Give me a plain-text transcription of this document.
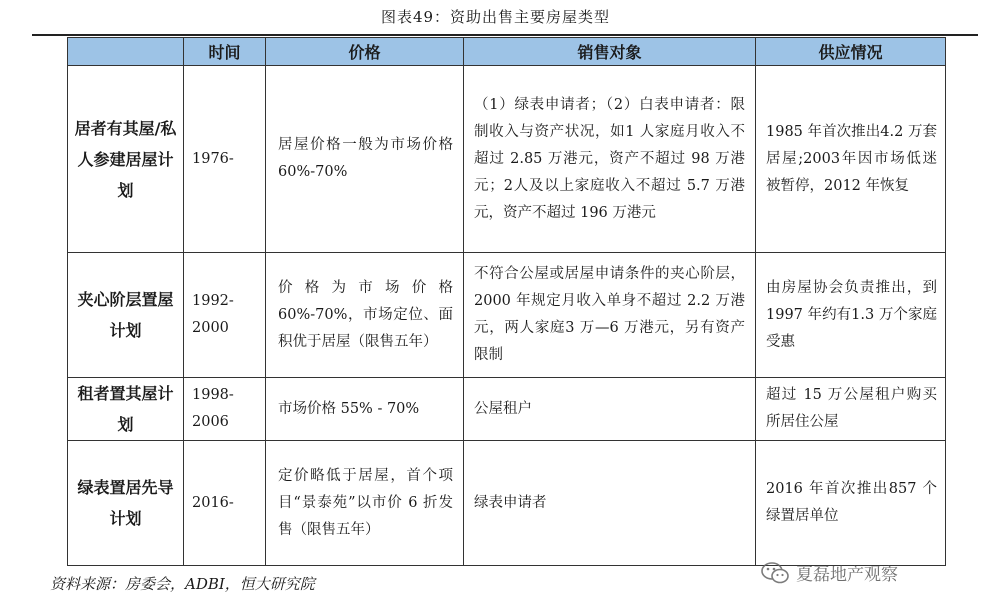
图表49：资助出售主要房屋类型
	时间	价格	销售对象	供应情况
居者有其屋/私人参建居屋计划	1976-	居屋价格一般为市场价格 60%-70%	（1）绿表申请者；（2）白表申请者：限制收入与资产状况，如1 人家庭月收入不超过 2.85 万港元，资产不超过 98 万港元；2人及以上家庭收入不超过 5.7 万港元，资产不超过 196 万港元	1985 年首次推出4.2 万套居屋;2003年因市场低迷被暂停，2012 年恢复
夹心阶层置屋计划	1992-2000	价格为市场价格60%-70%，市场定位、面积优于居屋（限售五年）	不符合公屋或居屋申请条件的夹心阶层，2000 年规定月收入单身不超过 2.2 万港元，两人家庭3 万—6 万港元，另有资产限制	由房屋协会负责推出，到 1997 年约有1.3 万个家庭受惠
租者置其屋计划	1998-2006	市场价格 55% - 70%	公屋租户	超过 15 万公屋租户购买所居住公屋
绿表置居先导计划	2016-	定价略低于居屋，首个项目“景泰苑”以市价 6 折发售（限售五年）	绿表申请者	2016 年首次推出857 个绿置居单位
资料来源：房委会，ADBI，恒大研究院	夏磊地产观察
